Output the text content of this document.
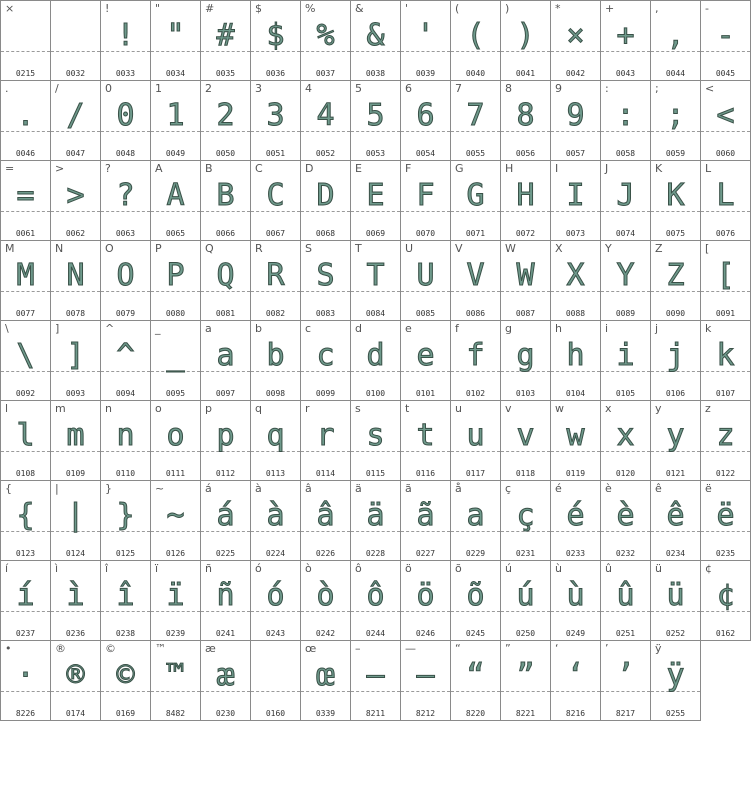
×
0215	0032
!
!
0033
"
"
0034
#
#
0035
$
$
0036
%
%
0037
&
&
0038
'
'
0039
(
(
0040
)
)
0041
*
×
0042
+
+
0043
,
,
0044
-
-
0045
.
.
0046
/
/
0047
0
0
0048
1
1
0049
2
2
0050
3
3
0051
4
4
0052
5
5
0053
6
6
0054
7
7
0055
8
8
0056
9
9
0057
:
:
0058
;
;
0059
<
<
0060
=
=
0061
>
>
0062
?
?
0063
A
A
0065
B
B
0066
C
C
0067
D
D
0068
E
E
0069
F
F
0070
G
G
0071
H
H
0072
I
I
0073
J
J
0074
K
K
0075
L
L
0076
M
M
0077
N
N
0078
O
O
0079
P
P
0080
Q
Q
0081
R
R
0082
S
S
0083
T
T
0084
U
U
0085
V
V
0086
W
W
0087
X
X
0088
Y
Y
0089
Z
Z
0090
[
[
0091
\
\
0092
]
]
0093
^
^
0094
_
_
0095
a
a
0097
b
b
0098
c
c
0099
d
d
0100
e
e
0101
f
f
0102
g
g
0103
h
h
0104
i
i
0105
j
j
0106
k
k
0107
l
l
0108
m
m
0109
n
n
0110
o
o
0111
p
p
0112
q
q
0113
r
r
0114
s
s
0115
t
t
0116
u
u
0117
v
v
0118
w
w
0119
x
x
0120
y
y
0121
z
z
0122
{
{
0123
|
|
0124
}
}
0125
~
~
0126
á
á
0225
à
à
0224
â
â
0226
ä
ä
0228
ã
ã
0227
å
a
0229
ç
ç
0231
é
é
0233
è
è
0232
ê
ê
0234
ë
ë
0235
í
í
0237
ì
ì
0236
î
î
0238
ï
ï
0239
ñ
ñ
0241
ó
ó
0243
ò
ò
0242
ô
ô
0244
ö
ö
0246
õ
õ
0245
ú
ú
0250
ù
ù
0249
û
û
0251
ü
ü
0252
¢
¢
0162
•
·
8226
®
®
0174
©
©
0169
™
™
8482
æ
æ
0230	0160
œ
œ
0339
–
–
8211
—
—
8212
“
“
8220
”
”
8221
‘
‘
8216
’
’
8217
ÿ
ÿ
0255
